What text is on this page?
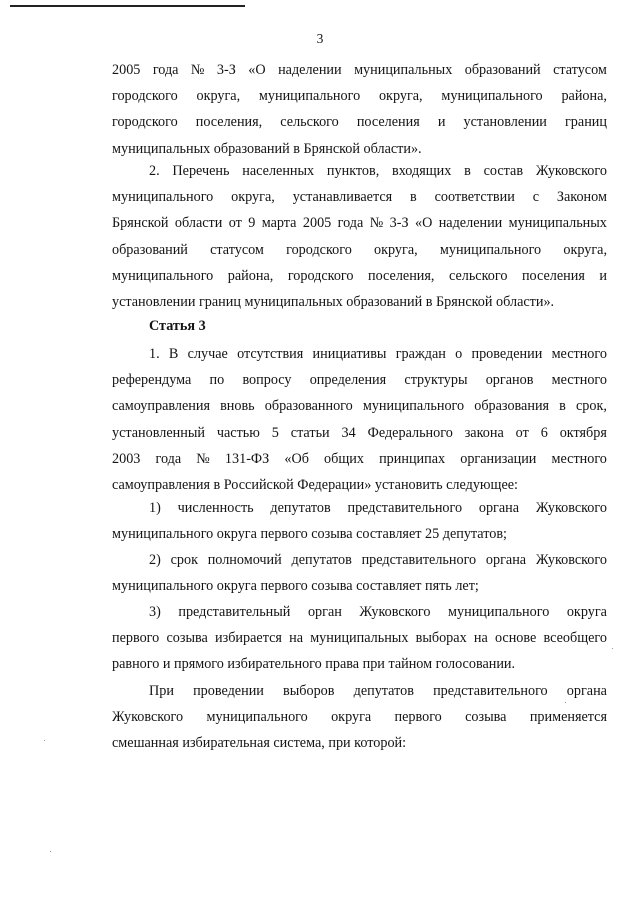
3
2005 года № 3-З «О наделении муниципальных образований статусом
городского округа, муниципального округа, муниципального района,
городского поселения, сельского поселения и установлении границ
муниципальных образований в Брянской области».
2. Перечень населенных пунктов, входящих в состав Жуковского
муниципального округа, устанавливается в соответствии с Законом
Брянской области от 9 марта 2005 года № 3-З «О наделении муниципальных
образований статусом городского округа, муниципального округа,
муниципального района, городского поселения, сельского поселения и
установлении границ муниципальных образований в Брянской области».
Статья 3
1. В случае отсутствия инициативы граждан о проведении местного
референдума по вопросу определения структуры органов местного
самоуправления вновь образованного муниципального образования в срок,
установленный частью 5 статьи 34 Федерального закона от 6 октября
2003 года № 131-ФЗ «Об общих принципах организации местного
самоуправления в Российской Федерации» установить следующее:
1) численность депутатов представительного органа Жуковского
муниципального округа первого созыва составляет 25 депутатов;
2) срок полномочий депутатов представительного органа Жуковского
муниципального округа первого созыва составляет пять лет;
3) представительный орган Жуковского муниципального округа
первого созыва избирается на муниципальных выборах на основе всеобщего
равного и прямого избирательного права при тайном голосовании.
При проведении выборов депутатов представительного органа
Жуковского муниципального округа первого созыва применяется
смешанная избирательная система, при которой:
